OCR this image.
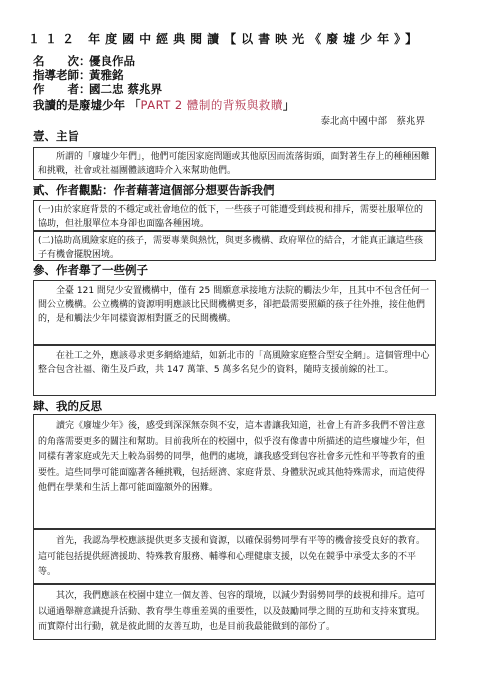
１１２ 年度國中經典閱讀【以書映光《廢墟少年》】
名　　次：優良作品
指導老師：黃雅銘
作　　者：國二忠 蔡兆界
我讀的是廢墟少年 「PART 2 體制的背叛與救贖」
泰北高中國中部　蔡兆界
壹、主旨

所謂的「廢墟少年們」，他們可能因家庭問題或其他原因而流落街頭，面對著生存上的種種困難和挑戰，社會或社福團體該適時介入來幫助他們。

貳、作者觀點：作者藉著這個部分想要告訴我們

(一)由於家庭背景的不穩定或社會地位的低下，一些孩子可能遭受到歧視和排斥，需要社服單位的協助，但社服單位本身卻也面臨各種困境。

(二)協助高風險家庭的孩子，需要專業與熱忱，與更多機構、政府單位的結合，才能真正讓這些孩子有機會擺脫困境。

參、作者舉了一些例子

全臺 121 間兒少安置機構中，僅有 25 間願意承接地方法院的觸法少年，且其中不包含任何一間公立機構。公立機構的資源明明應該比民間機構更多，卻把最需要照顧的孩子往外推，接住他們的，是和觸法少年同樣資源相對匱乏的民間機構。

在社工之外，應該尋求更多網絡連結，如新北市的「高風險家庭整合型安全網」。這個管理中心整合包含社福、衛生及戶政，共 147 萬筆、5 萬多名兒少的資料，隨時支援前線的社工。

肆、我的反思

讀完《廢墟少年》後，感受到深深無奈與不安，這本書讓我知道，社會上有許多我們不曾注意的角落需要更多的關注和幫助。目前我所在的校園中，似乎沒有像書中所描述的這些廢墟少年，但同樣有著家庭或先天上較為弱勢的同學，他們的處境，讓我感受到包容社會多元性和平等教育的重要性。這些同學可能面臨著各種挑戰，包括經濟、家庭背景、身體狀況或其他特殊需求，而這使得他們在學業和生活上都可能面臨額外的困難。

首先，我認為學校應該提供更多支援和資源，以確保弱勢同學有平等的機會接受良好的教育。這可能包括提供經濟援助、特殊教育服務、輔導和心理健康支援，以免在競爭中承受太多的不平等。

其次，我們應該在校園中建立一個友善、包容的環境，以減少對弱勢同學的歧視和排斥。這可以通過舉辦意識提升活動、教育學生尊重差異的重要性，以及鼓勵同學之間的互助和支持來實現。而實際付出行動，就是彼此間的友善互助，也是目前我最能做到的部份了。
